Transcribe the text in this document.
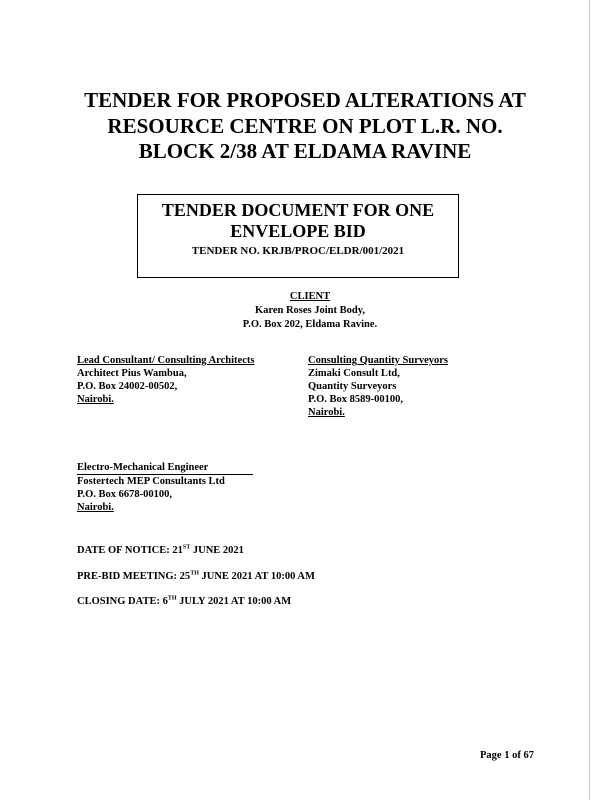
TENDER FOR PROPOSED ALTERATIONS AT
RESOURCE CENTRE ON PLOT L.R. NO.
BLOCK 2/38 AT ELDAMA RAVINE
TENDER DOCUMENT FOR ONE
ENVELOPE BID
TENDER NO. KRJB/PROC/ELDR/001/2021
CLIENT
Karen Roses Joint Body,
P.O. Box 202, Eldama Ravine.
Lead Consultant/ Consulting Architects
Architect Pius Wambua,
P.O. Box 24002-00502,
Nairobi.
Consulting Quantity Surveyors
Zimaki Consult Ltd,
Quantity Surveyors
P.O. Box 8589-00100,
Nairobi.
Electro-Mechanical Engineer
Fostertech MEP Consultants Ltd
P.O. Box 6678-00100,
Nairobi.
DATE OF NOTICE: 21ST JUNE 2021
PRE-BID MEETING: 25TH JUNE 2021 AT 10:00 AM
CLOSING DATE: 6TH JULY 2021 AT 10:00 AM
Page 1 of 67
